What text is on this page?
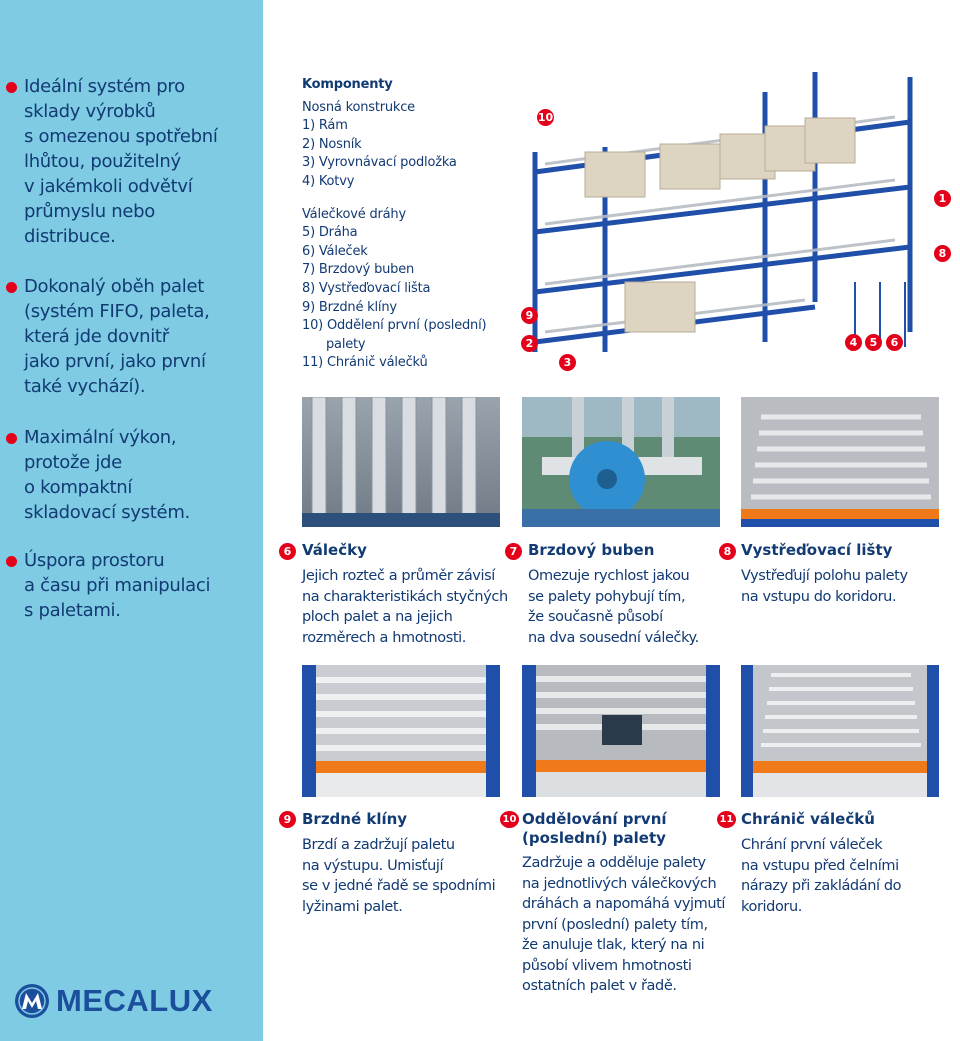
Ideální systém pro
sklady výrobků
s omezenou spotřební
lhůtou, použitelný
v jakémkoli odvětví
průmyslu nebo
distribuce.
Dokonalý oběh palet
(systém FIFO, paleta,
která jde dovnitř
jako první, jako první
také vychází).
Maximální výkon,
protože jde
o kompaktní
skladovací systém.
Úspora prostoru
a času při manipulaci
s paletami.
MECALUX
Komponenty
Nosná konstrukce
1) Rám
2) Nosník
3) Vyrovnávací podložka
4) Kotvy
Válečkové dráhy
5) Dráha
6) Váleček
7) Brzdový buben
8) Vystřeďovací lišta
9) Brzdné klíny
10) Oddělení první (poslední)
palety
11) Chránič válečků
10
1
8
9
2
3
4	5	6
6 Válečky
Jejich rozteč a průměr závisí
na charakteristikách styčných
ploch palet a na jejich
rozměrech a hmotnosti.
7 Brzdový buben
Omezuje rychlost jakou
se palety pohybují tím,
že současně působí
na dva sousední válečky.
8 Vystřeďovací lišty
Vystřeďují polohu palety
na vstupu do koridoru.
9 Brzdné klíny
Brzdí a zadržují paletu
na výstupu. Umisťují
se v jedné řadě se spodními
lyžinami palet.
10 Oddělování první
(poslední) palety
Zadržuje a odděluje palety
na jednotlivých válečkových
dráhách a napomáhá vyjmutí
první (poslední) palety tím,
že anuluje tlak, který na ni
působí vlivem hmotnosti
ostatních palet v řadě.
11 Chránič válečků
Chrání první váleček
na vstupu před čelními
nárazy při zakládání do
koridoru.
